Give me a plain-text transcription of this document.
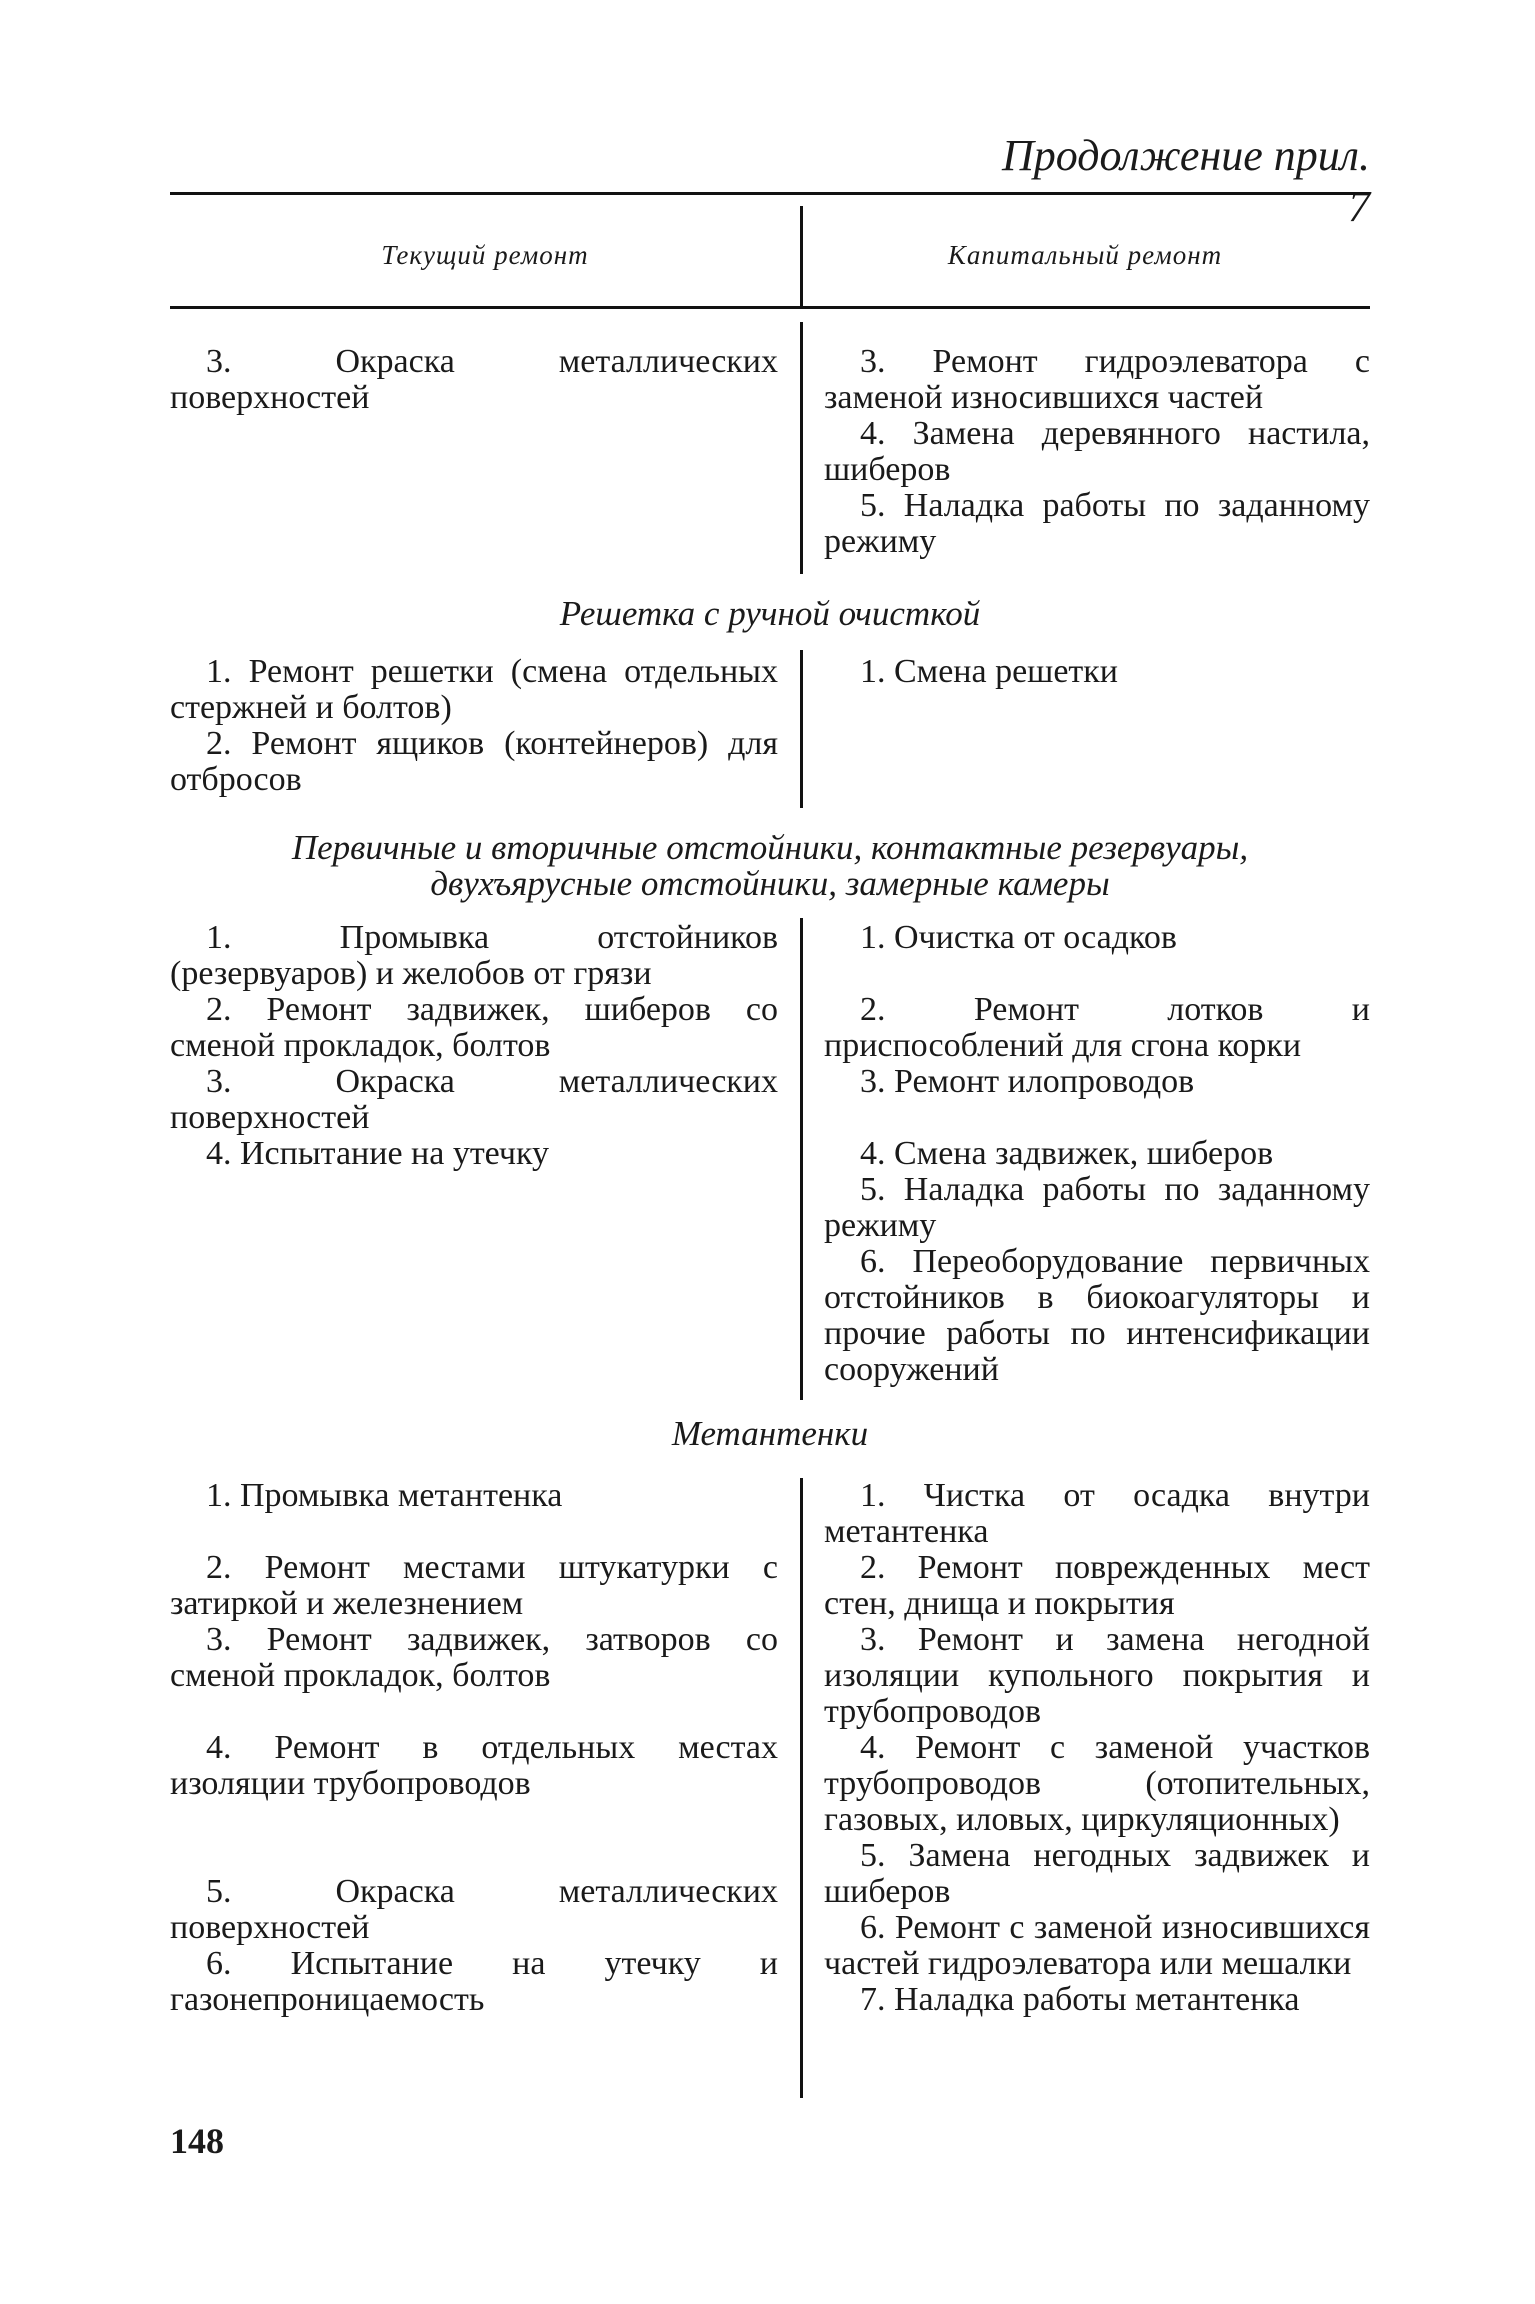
Продолжение прил. 7
Текущий ремонт	Капитальный ремонт

3. Окраска металлических поверхностей

3. Ремонт гидроэлеватора с заменой износившихся частей

4. Замена деревянного настила, шиберов

5. Наладка работы по заданному режиму

Решетка с ручной очисткой

1. Ремонт решетки (смена отдельных стержней и болтов)

2. Ремонт ящиков (контейнеров) для отбросов

1. Смена решетки

Первичные и вторичные отстойники, контактные резервуары,
двухъярусные отстойники, замерные камеры

1. Промывка отстойников (резервуаров) и желобов от грязи

2. Ремонт задвижек, шиберов со сменой прокладок, болтов

3. Окраска металлических поверхностей

4. Испытание на утечку

1. Очистка от осадков

2. Ремонт лотков и приспособлений для сгона корки

3. Ремонт илопроводов

4. Смена задвижек, шиберов

5. Наладка работы по заданному режиму

6. Переоборудование первичных отстойников в биокоагуляторы и прочие работы по интенсификации сооружений

Метантенки

1. Промывка метантенка

2. Ремонт местами штукатурки с затиркой и железнением

3. Ремонт задвижек, затворов со сменой прокладок, болтов

4. Ремонт в отдельных местах изоляции трубопроводов

5. Окраска металлических поверхностей

6. Испытание на утечку и газонепроницаемость

1. Чистка от осадка внутри метантенка

2. Ремонт поврежденных мест стен, днища и покрытия

3. Ремонт и замена негодной изоляции купольного покрытия и трубопроводов

4. Ремонт с заменой участков трубопроводов (отопительных, газовых, иловых, циркуляционных)

5. Замена негодных задвижек и шиберов

6. Ремонт с заменой износившихся частей гидроэлеватора или мешалки

7. Наладка работы метантенка

148
